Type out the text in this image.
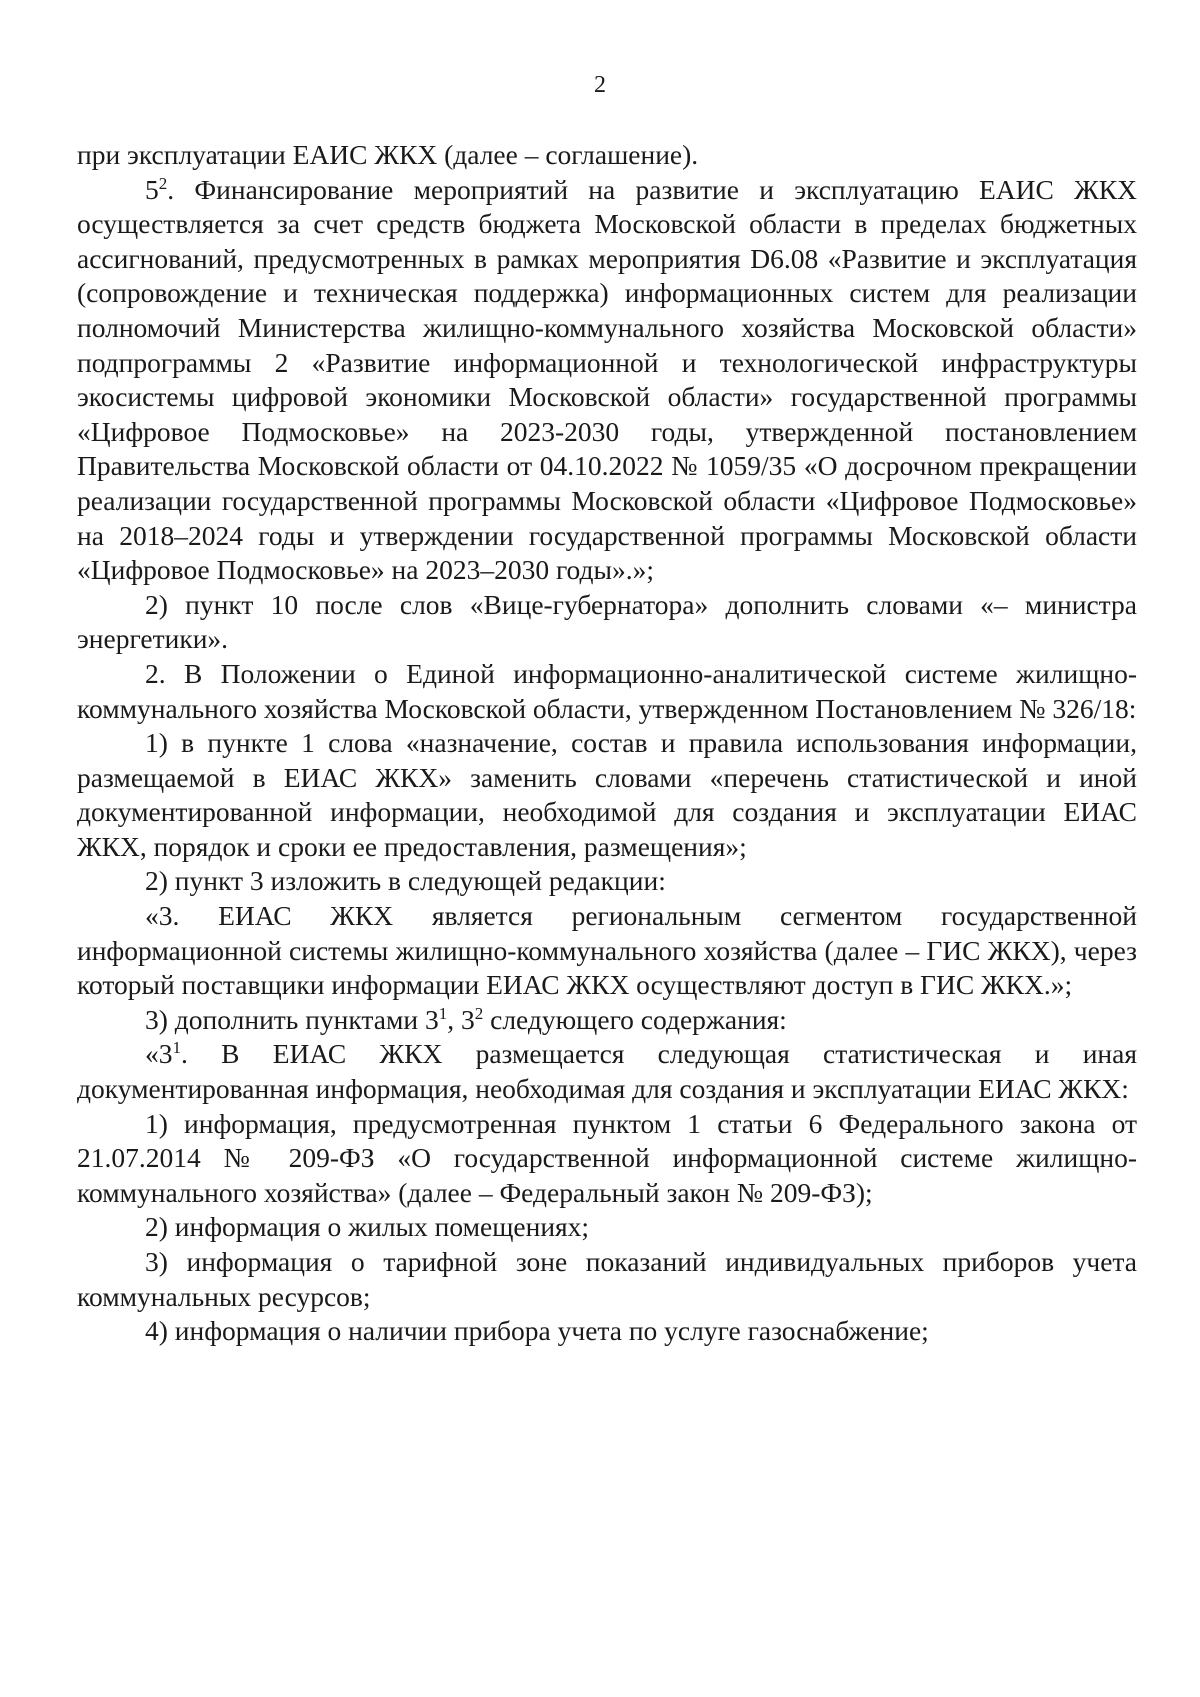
2

при эксплуатации ЕАИС ЖКХ (далее – соглашение).

$5^2$. Финансирование мероприятий на развитие и эксплуатацию ЕАИС ЖКХ осуществляется за счет средств бюджета Московской области в пределах бюджетных ассигнований, предусмотренных в рамках мероприятия D6.08 «Развитие и эксплуатация (сопровождение и техническая поддержка) информационных систем для реализации полномочий Министерства жилищно-коммунального хозяйства Московской области» подпрограммы 2 «Развитие информационной и технологической инфраструктуры экосистемы цифровой экономики Московской области» государственной программы «Цифровое Подмосковье» на 2023-2030 годы, утвержденной постановлением Правительства Московской области от 04.10.2022 № 1059/35 «О досрочном прекращении реализации государственной программы Московской области «Цифровое Подмосковье» на 2018–2024 годы и утверждении государственной программы Московской области «Цифровое Подмосковье» на 2023–2030 годы».»;

2) пункт 10 после слов «Вице-губернатора» дополнить словами «– министра энергетики».

2. В Положении о Единой информационно-аналитической системе жилищно-коммунального хозяйства Московской области, утвержденном Постановлением № 326/18:

1) в пункте 1 слова «назначение, состав и правила использования информации, размещаемой в ЕИАС ЖКХ» заменить словами «перечень статистической и иной документированной информации, необходимой для создания и эксплуатации ЕИАС ЖКХ, порядок и сроки ее предоставления, размещения»;

2) пункт 3 изложить в следующей редакции:

«3. ЕИАС ЖКХ является региональным сегментом государственной информационной системы жилищно-коммунального хозяйства (далее – ГИС ЖКХ), через который поставщики информации ЕИАС ЖКХ осуществляют доступ в ГИС ЖКХ.»;

3) дополнить пунктами $3^1$, $3^2$ следующего содержания:

«$3^1$. В ЕИАС ЖКХ размещается следующая статистическая и иная документированная информация, необходимая для создания и эксплуатации ЕИАС ЖКХ:

1) информация, предусмотренная пунктом 1 статьи 6 Федерального закона от 21.07.2014 № 209-ФЗ «О государственной информационной системе жилищно-коммунального хозяйства» (далее – Федеральный закон № 209-ФЗ);

2) информация о жилых помещениях;

3) информация о тарифной зоне показаний индивидуальных приборов учета коммунальных ресурсов;

4) информация о наличии прибора учета по услуге газоснабжение;
